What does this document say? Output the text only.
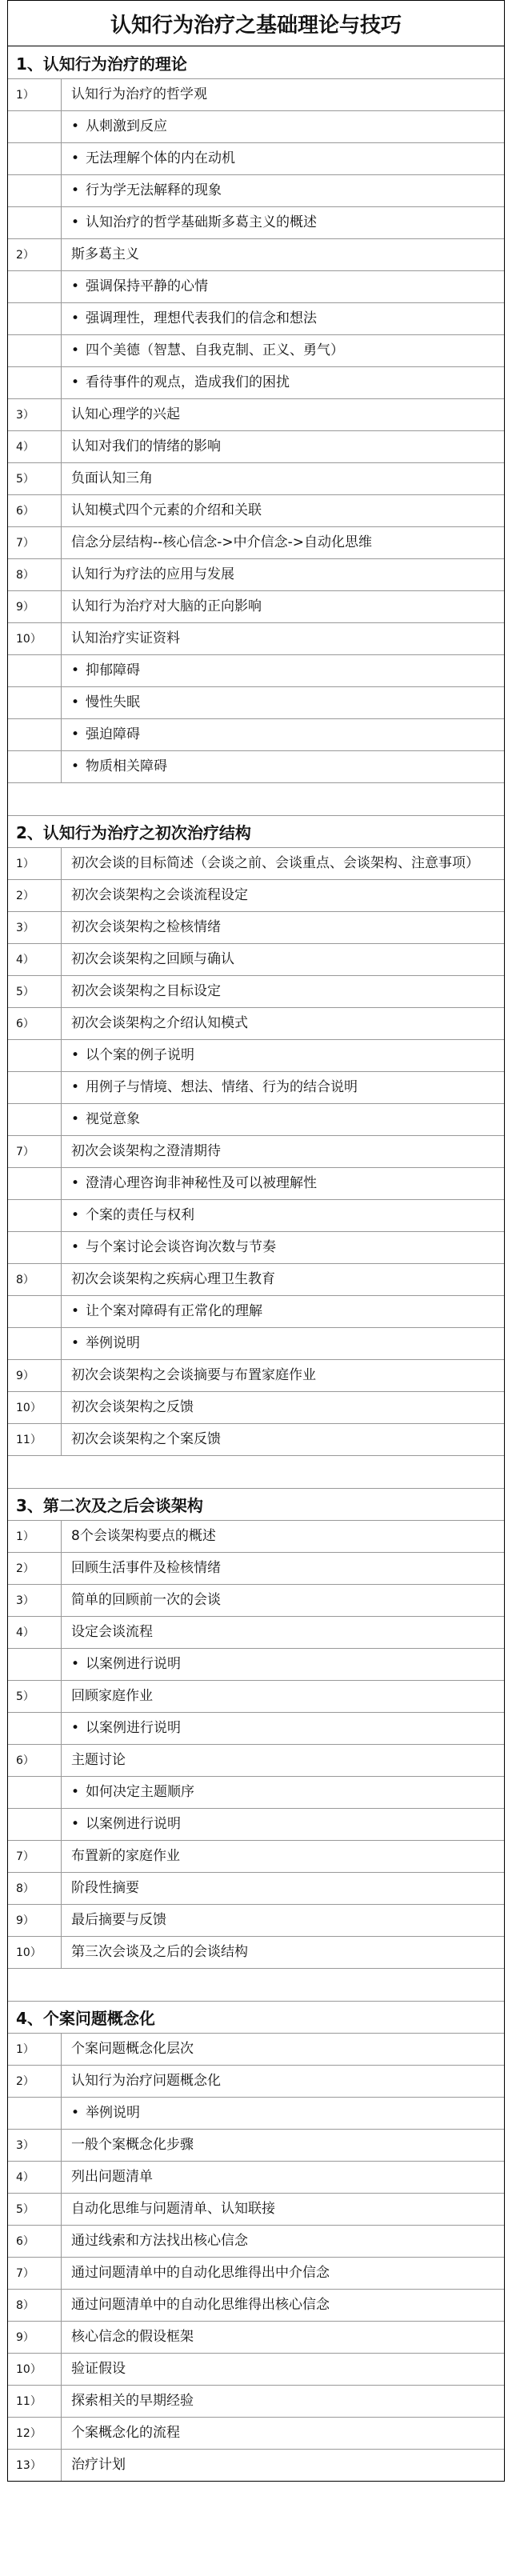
认知行为治疗之基础理论与技巧
1、认知行为治疗的理论
1）	认知行为治疗的哲学观
• 从刺激到反应
• 无法理解个体的内在动机
• 行为学无法解释的现象
• 认知治疗的哲学基础斯多葛主义的概述
2）	斯多葛主义
• 强调保持平静的心情
• 强调理性，理想代表我们的信念和想法
• 四个美德（智慧、自我克制、正义、勇气）
• 看待事件的观点，造成我们的困扰
3）	认知心理学的兴起
4）	认知对我们的情绪的影响
5）	负面认知三角
6）	认知模式四个元素的介绍和关联
7）	信念分层结构--核心信念->中介信念->自动化思维
8）	认知行为疗法的应用与发展
9）	认知行为治疗对大脑的正向影响
10）	认知治疗实证资料
• 抑郁障碍
• 慢性失眠
• 强迫障碍
• 物质相关障碍
2、认知行为治疗之初次治疗结构
1）	初次会谈的目标简述（会谈之前、会谈重点、会谈架构、注意事项）
2）	初次会谈架构之会谈流程设定
3）	初次会谈架构之检核情绪
4）	初次会谈架构之回顾与确认
5）	初次会谈架构之目标设定
6）	初次会谈架构之介绍认知模式
• 以个案的例子说明
• 用例子与情境、想法、情绪、行为的结合说明
• 视觉意象
7）	初次会谈架构之澄清期待
• 澄清心理咨询非神秘性及可以被理解性
• 个案的责任与权利
• 与个案讨论会谈咨询次数与节奏
8）	初次会谈架构之疾病心理卫生教育
• 让个案对障碍有正常化的理解
• 举例说明
9）	初次会谈架构之会谈摘要与布置家庭作业
10）	初次会谈架构之反馈
11）	初次会谈架构之个案反馈
3、第二次及之后会谈架构
1）	8个会谈架构要点的概述
2）	回顾生活事件及检核情绪
3）	简单的回顾前一次的会谈
4）	设定会谈流程
• 以案例进行说明
5）	回顾家庭作业
• 以案例进行说明
6）	主题讨论
• 如何决定主题顺序
• 以案例进行说明
7）	布置新的家庭作业
8）	阶段性摘要
9）	最后摘要与反馈
10）	第三次会谈及之后的会谈结构
4、个案问题概念化
1）	个案问题概念化层次
2）	认知行为治疗问题概念化
• 举例说明
3）	一般个案概念化步骤
4）	列出问题清单
5）	自动化思维与问题清单、认知联接
6）	通过线索和方法找出核心信念
7）	通过问题清单中的自动化思维得出中介信念
8）	通过问题清单中的自动化思维得出核心信念
9）	核心信念的假设框架
10）	验证假设
11）	探索相关的早期经验
12）	个案概念化的流程
13）	治疗计划
